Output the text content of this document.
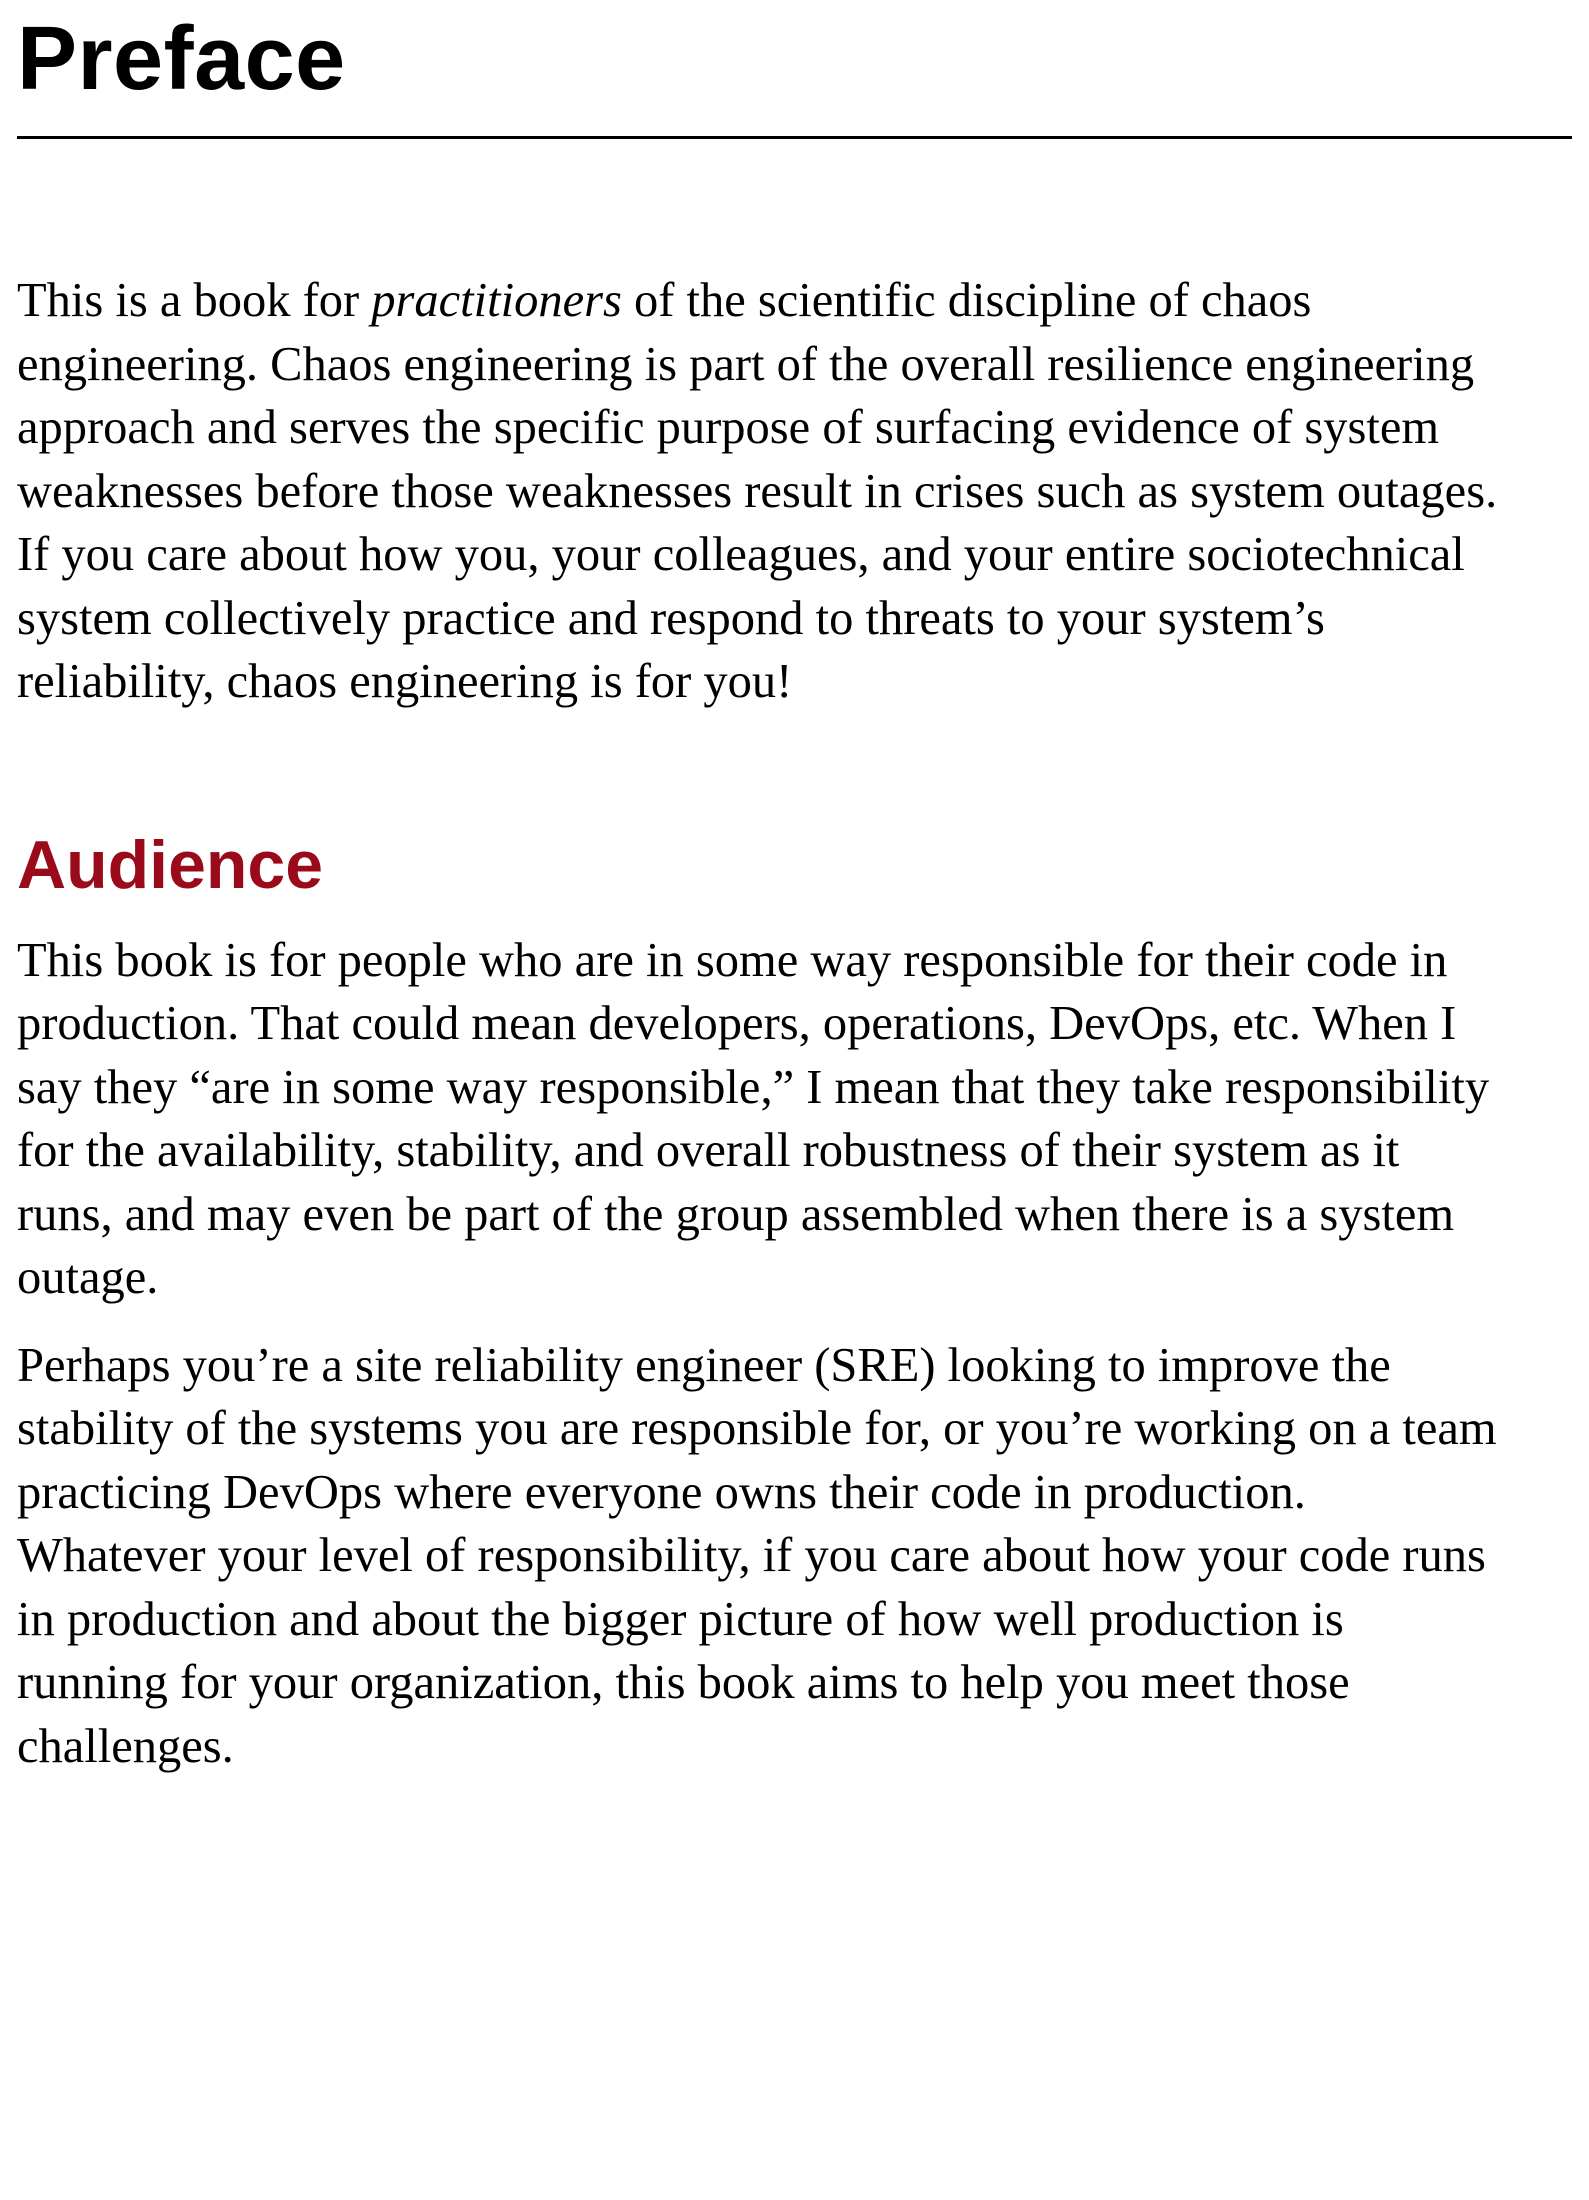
Preface

This is a book for practitioners of the scientific discipline of chaos
engineering. Chaos engineering is part of the overall resilience engineering
approach and serves the specific purpose of surfacing evidence of system
weaknesses before those weaknesses result in crises such as system outages.
If you care about how you, your colleagues, and your entire sociotechnical
system collectively practice and respond to threats to your system’s
reliability, chaos engineering is for you!

Audience

This book is for people who are in some way responsible for their code in
production. That could mean developers, operations, DevOps, etc. When I
say they “are in some way responsible,” I mean that they take responsibility
for the availability, stability, and overall robustness of their system as it
runs, and may even be part of the group assembled when there is a system
outage.

Perhaps you’re a site reliability engineer (SRE) looking to improve the
stability of the systems you are responsible for, or you’re working on a team
practicing DevOps where everyone owns their code in production.
Whatever your level of responsibility, if you care about how your code runs
in production and about the bigger picture of how well production is
running for your organization, this book aims to help you meet those
challenges.
